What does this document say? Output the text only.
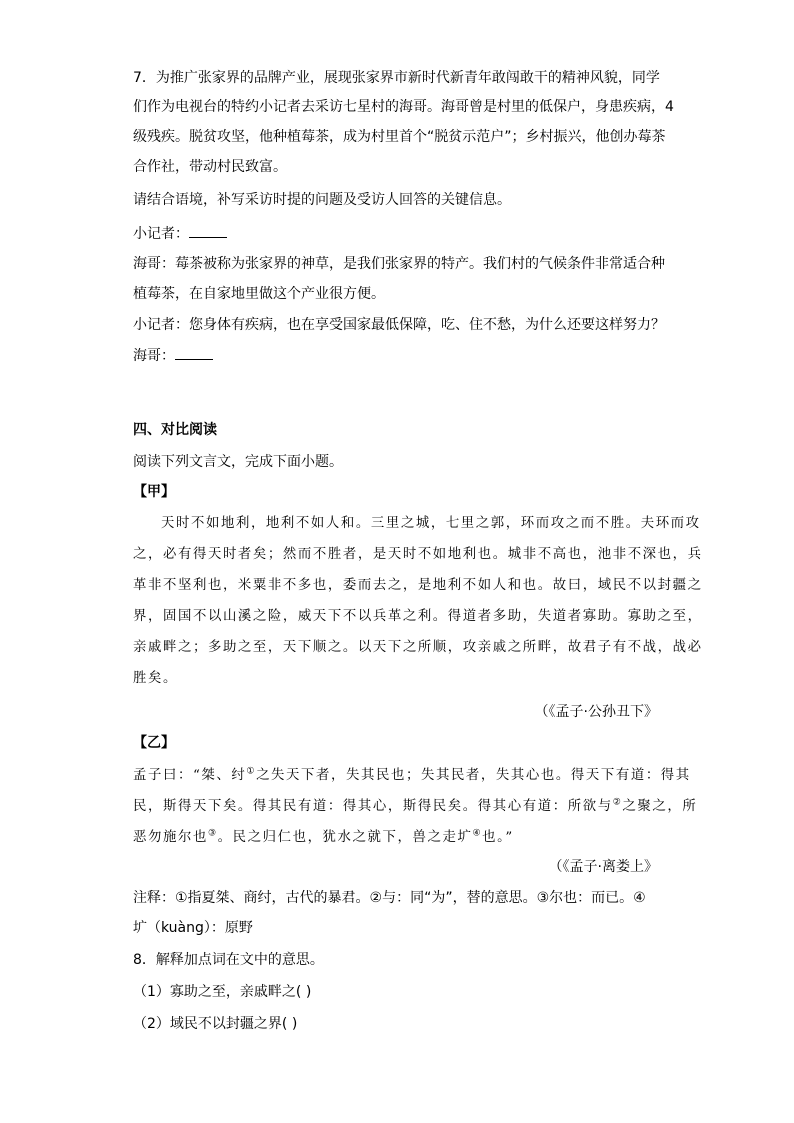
7．为推广张家界的品牌产业，展现张家界市新时代新青年敢闯敢干的精神风貌，同学
们作为电视台的特约小记者去采访七星村的海哥。海哥曾是村里的低保户，身患疾病，4
级残疾。脱贫攻坚，他种植莓茶，成为村里首个“脱贫示范户”；乡村振兴，他创办莓茶
合作社，带动村民致富。
请结合语境，补写采访时提的问题及受访人回答的关键信息。
小记者：
海哥：莓茶被称为张家界的神草，是我们张家界的特产。我们村的气候条件非常适合种
植莓茶，在自家地里做这个产业很方便。
小记者：您身体有疾病，也在享受国家最低保障，吃、住不愁，为什么还要这样努力？
海哥：
四、对比阅读
阅读下列文言文，完成下面小题。
【甲】
天时不如地利，地利不如人和。三里之城，七里之郭，环而攻之而不胜。夫环而攻
之，必有得天时者矣；然而不胜者，是天时不如地利也。城非不高也，池非不深也，兵
革非不坚利也，米粟非不多也，委而去之，是地利不如人和也。故曰，域民不以封疆之
界，固国不以山溪之险，威天下不以兵革之利。得道者多助，失道者寡助。寡助之至，
亲戚畔之；多助之至，天下顺之。以天下之所顺，攻亲戚之所畔，故君子有不战，战必
胜矣。
（《孟子·公孙丑下》
【乙】
孟子曰：“桀、纣①之失天下者，失其民也；失其民者，失其心也。得天下有道：得其
民，斯得天下矣。得其民有道：得其心，斯得民矣。得其心有道：所欲与②之聚之，所
恶勿施尔也③。民之归仁也，犹水之就下，兽之走圹④也。”
（《孟子·离娄上》
注释：①指夏桀、商纣，古代的暴君。②与：同“为”，替的意思。③尔也：而已。④
圹（kuàng）：原野
8．解释加点词在文中的意思。
（1）寡助之至，亲戚畔之( )
（2）域民不以封疆之界( )
